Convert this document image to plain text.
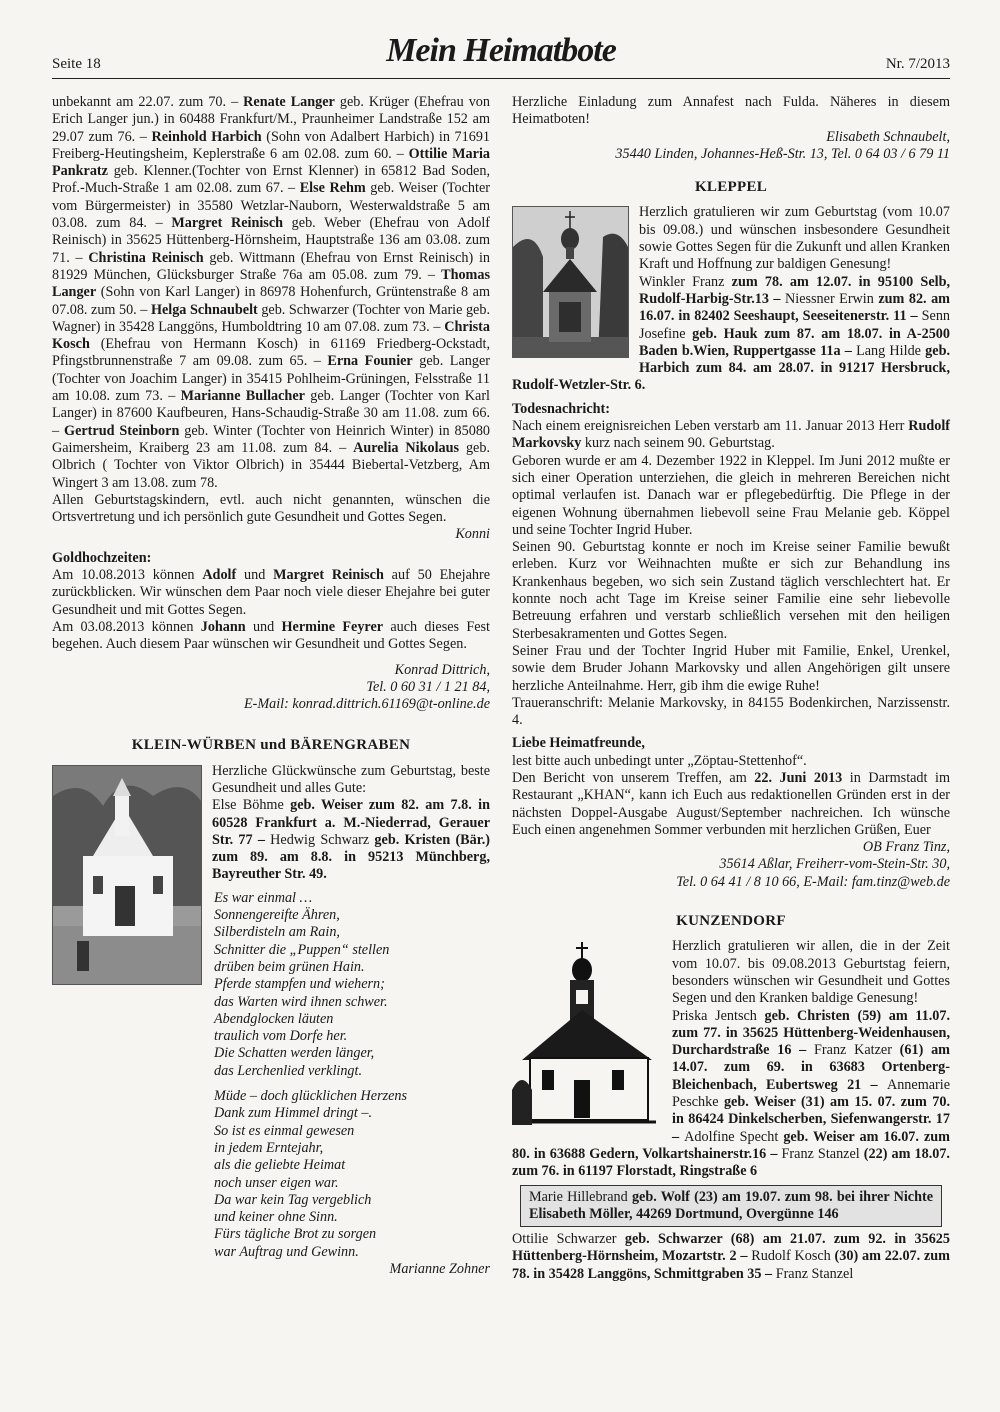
Seite 18	Mein Heimatbote	Nr. 7/2013

unbekannt am 22.07. zum 70. – Renate Langer geb. Krüger (Ehefrau von Erich Langer jun.) in 60488 Frankfurt/M., Praunheimer Landstraße 152 am 29.07 zum 76. – Reinhold Harbich (Sohn von Adalbert Harbich) in 71691 Freiberg-Heutingsheim, Keplerstraße 6 am 02.08. zum 60. – Ottilie Maria Pankratz geb. Klenner.(Tochter von Ernst Klenner) in 65812 Bad Soden, Prof.-Much-Straße 1 am 02.08. zum 67. – Else Rehm geb. Weiser (Tochter vom Bürgermeister) in 35580 Wetzlar-Nauborn, Westerwaldstraße 5 am 03.08. zum 84. – Margret Reinisch geb. Weber (Ehefrau von Adolf Reinisch) in 35625 Hüttenberg-Hörnsheim, Hauptstraße 136 am 03.08. zum 71. – Christina Reinisch geb. Wittmann (Ehefrau von Ernst Reinisch) in 81929 München, Glücksburger Straße 76a am 05.08. zum 79. – Thomas Langer (Sohn von Karl Langer) in 86978 Hohenfurch, Grüntenstraße 8 am 07.08. zum 50. – Helga Schnaubelt geb. Schwarzer (Tochter von Marie geb. Wagner) in 35428 Langgöns, Humboldtring 10 am 07.08. zum 73. – Christa Kosch (Ehefrau von Hermann Kosch) in 61169 Friedberg-Ockstadt, Pfingstbrunnenstraße 7 am 09.08. zum 65. – Erna Founier geb. Langer (Tochter von Joachim Langer) in 35415 Pohlheim-Grüningen, Felsstraße 11 am 10.08. zum 73. – Marianne Bullacher geb. Langer (Tochter von Karl Langer) in 87600 Kaufbeuren, Hans-Schaudig-Straße 30 am 11.08. zum 66. – Gertrud Steinborn geb. Winter (Tochter von Heinrich Winter) in 85080 Gaimersheim, Kraiberg 23 am 11.08. zum 84. – Aurelia Nikolaus geb. Olbrich ( Tochter von Viktor Olbrich) in 35444 Biebertal-Vetzberg, Am Wingert 3 am 13.08. zum 78.

Allen Geburtstagskindern, evtl. auch nicht genannten, wünschen die Ortsvertretung und ich persönlich gute Gesundheit und Gottes Segen.

Konni

Goldhochzeiten:

Am 10.08.2013 können Adolf und Margret Reinisch auf 50 Ehejahre zurückblicken. Wir wünschen dem Paar noch viele dieser Ehejahre bei guter Gesundheit und mit Gottes Segen.

Am 03.08.2013 können Johann und Hermine Feyrer auch dieses Fest begehen. Auch diesem Paar wünschen wir Gesundheit und Gottes Segen.

Konrad Dittrich,

Tel. 0 60 31 / 1 21 84,

E-Mail: konrad.dittrich.61169@t-online.de

KLEIN-WÜRBEN und BÄRENGRABEN

Herzliche Glückwünsche zum Geburtstag, beste Gesundheit und alles Gute:

Else Böhme geb. Weiser zum 82. am 7.8. in 60528 Frankfurt a. M.-Niederrad, Gerauer Str. 77 – Hedwig Schwarz geb. Kristen (Bär.) zum 89. am 8.8. in 95213 Münchberg, Bayreuther Str. 49.

Es war einmal …

Sonnengereifte Ähren,

Silberdisteln am Rain,

Schnitter die „Puppen“ stellen

drüben beim grünen Hain.

Pferde stampfen und wiehern;

das Warten wird ihnen schwer.

Abendglocken läuten

traulich vom Dorfe her.

Die Schatten werden länger,

das Lerchenlied verklingt.

Müde – doch glücklichen Herzens

Dank zum Himmel dringt –.

So ist es einmal gewesen

in jedem Erntejahr,

als die geliebte Heimat

noch unser eigen war.

Da war kein Tag vergeblich

und keiner ohne Sinn.

Fürs tägliche Brot zu sorgen

war Auftrag und Gewinn.

Marianne Zohner

Herzliche Einladung zum Annafest nach Fulda. Näheres in diesem Heimatboten!

Elisabeth Schnaubelt,

35440 Linden, Johannes-Heß-Str. 13, Tel. 0 64 03 / 6 79 11

KLEPPEL

Herzlich gratulieren wir zum Geburtstag (vom 10.07 bis 09.08.) und wünschen insbesondere Gesundheit sowie Gottes Segen für die Zukunft und allen Kranken Kraft und Hoffnung zur baldigen Genesung!

Winkler Franz zum 78. am 12.07. in 95100 Selb, Rudolf-Harbig-Str.13 – Niessner Erwin zum 82. am 16.07. in 82402 Seeshaupt, Seeseitenerstr. 11 – Senn Josefine geb. Hauk zum 87. am 18.07. in A-2500 Baden b.Wien, Ruppertgasse 11a – Lang Hilde geb. Harbich zum 84. am 28.07. in 91217 Hersbruck, Rudolf-Wetzler-Str. 6.

Todesnachricht:

Nach einem ereignisreichen Leben verstarb am 11. Januar 2013 Herr Rudolf Markovsky kurz nach seinem 90. Geburtstag.

Geboren wurde er am 4. Dezember 1922 in Kleppel. Im Juni 2012 mußte er sich einer Operation unterziehen, die gleich in mehreren Bereichen nicht optimal verlaufen ist. Danach war er pflegebedürftig. Die Pflege in der eigenen Wohnung übernahmen liebevoll seine Frau Melanie geb. Köppel und seine Tochter Ingrid Huber.

Seinen 90. Geburtstag konnte er noch im Kreise seiner Familie bewußt erleben. Kurz vor Weihnachten mußte er sich zur Behandlung ins Krankenhaus begeben, wo sich sein Zustand täglich verschlechtert hat. Er konnte noch acht Tage im Kreise seiner Familie eine sehr liebevolle Betreuung erfahren und verstarb schließlich versehen mit den heiligen Sterbesakramenten und Gottes Segen.

Seiner Frau und der Tochter Ingrid Huber mit Familie, Enkel, Urenkel, sowie dem Bruder Johann Markovsky und allen Angehörigen gilt unsere herzliche Anteilnahme. Herr, gib ihm die ewige Ruhe!

Traueranschrift: Melanie Markovsky, in 84155 Bodenkirchen, Narzissenstr. 4.

Liebe Heimatfreunde,

lest bitte auch unbedingt unter „Zöptau-Stettenhof“.

Den Bericht von unserem Treffen, am 22. Juni 2013 in Darmstadt im Restaurant „KHAN“, kann ich Euch aus redaktionellen Gründen erst in der nächsten Doppel-Ausgabe August/September nachreichen. Ich wünsche Euch einen angenehmen Sommer verbunden mit herzlichen Grüßen, Euer

OB Franz Tinz,

35614 Aßlar, Freiherr-vom-Stein-Str. 30,

Tel. 0 64 41 / 8 10 66, E-Mail: fam.tinz@web.de

KUNZENDORF

Herzlich gratulieren wir allen, die in der Zeit vom 10.07. bis 09.08.2013 Geburtstag feiern, besonders wünschen wir Gesundheit und Gottes Segen und den Kranken baldige Genesung!

Priska Jentsch geb. Christen (59) am 11.07. zum 77. in 35625 Hüttenberg-Weidenhausen, Durchardstraße 16 – Franz Katzer (61) am 14.07. zum 69. in 63683 Ortenberg-Bleichenbach, Eubertsweg 21 – Annemarie Peschke geb. Weiser (31) am 15. 07. zum 70. in 86424 Dinkelscherben, Siefenwangerstr. 17 – Adolfine Specht geb. Weiser am 16.07. zum 80. in 63688 Gedern, Volkartshainerstr.16 – Franz Stanzel (22) am 18.07. zum 76. in 61197 Florstadt, Ringstraße 6

Marie Hillebrand geb. Wolf (23) am 19.07. zum 98. bei ihrer Nichte Elisabeth Möller, 44269 Dortmund, Overgünne 146

Ottilie Schwarzer geb. Schwarzer (68) am 21.07. zum 92. in 35625 Hüttenberg-Hörnsheim, Mozartstr. 2 – Rudolf Kosch (30) am 22.07. zum 78. in 35428 Langgöns, Schmittgraben 35 – Franz Stanzel
